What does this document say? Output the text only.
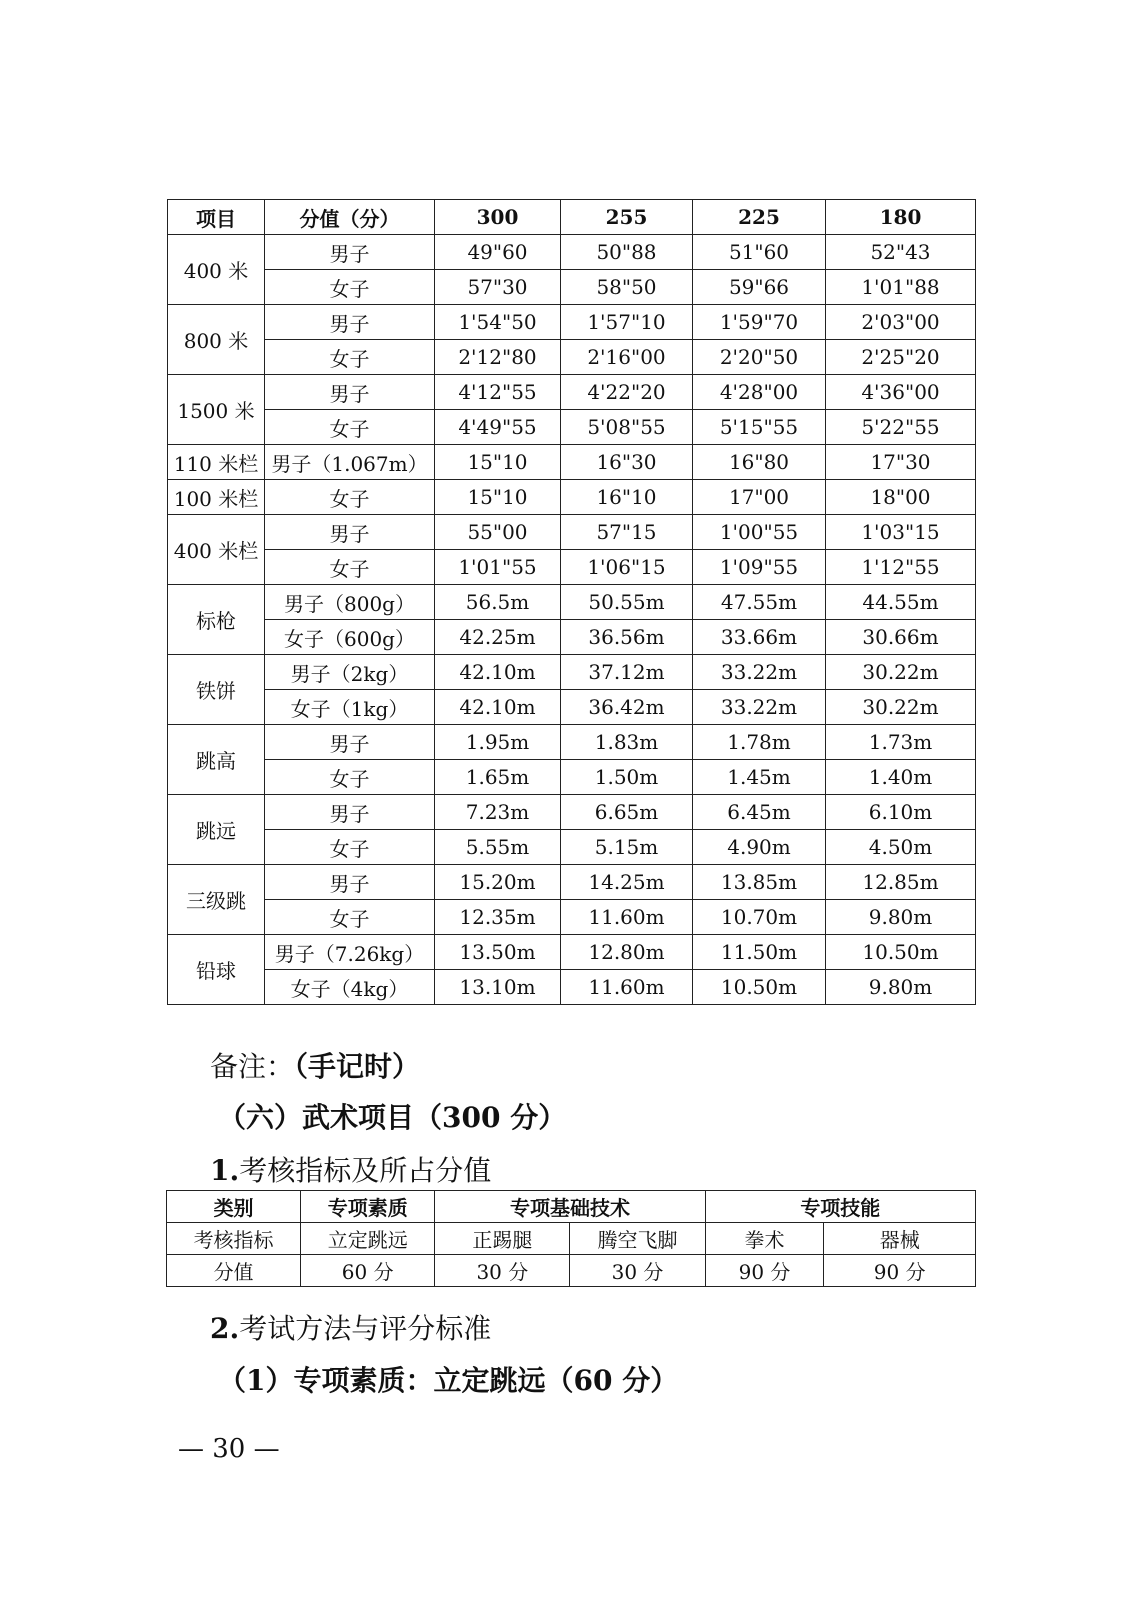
项目	分值（分）	300	255	225	180
400 米	男子	49"60	50"88	51"60	52"43
	女子	57"30	58"50	59"66	1'01"88
800 米	男子	1'54"50	1'57"10	1'59"70	2'03"00
	女子	2'12"80	2'16"00	2'20"50	2'25"20
1500 米	男子	4'12"55	4'22"20	4'28"00	4'36"00
	女子	4'49"55	5'08"55	5'15"55	5'22"55
110 米栏	男子（1.067m）	15"10	16"30	16"80	17"30
100 米栏	女子	15"10	16"10	17"00	18"00
400 米栏	男子	55"00	57"15	1'00"55	1'03"15
	女子	1'01"55	1'06"15	1'09"55	1'12"55
标枪	男子（800g）	56.5m	50.55m	47.55m	44.55m
	女子（600g）	42.25m	36.56m	33.66m	30.66m
铁饼	男子（2kg）	42.10m	37.12m	33.22m	30.22m
	女子（1kg）	42.10m	36.42m	33.22m	30.22m
跳高	男子	1.95m	1.83m	1.78m	1.73m
	女子	1.65m	1.50m	1.45m	1.40m
跳远	男子	7.23m	6.65m	6.45m	6.10m
	女子	5.55m	5.15m	4.90m	4.50m
三级跳	男子	15.20m	14.25m	13.85m	12.85m
	女子	12.35m	11.60m	10.70m	9.80m
铅球	男子（7.26kg）	13.50m	12.80m	11.50m	10.50m
	女子（4kg）	13.10m	11.60m	10.50m	9.80m

备注：（手记时）

（六）武术项目（300 分）

1.考核指标及所占分值

类别	专项素质	专项基础技术		专项技能	
考核指标	立定跳远	正踢腿	腾空飞脚	拳术	器械
分值	60 分	30 分	30 分	90 分	90 分

2.考试方法与评分标准

（1）专项素质：立定跳远（60 分）

— 30 —
